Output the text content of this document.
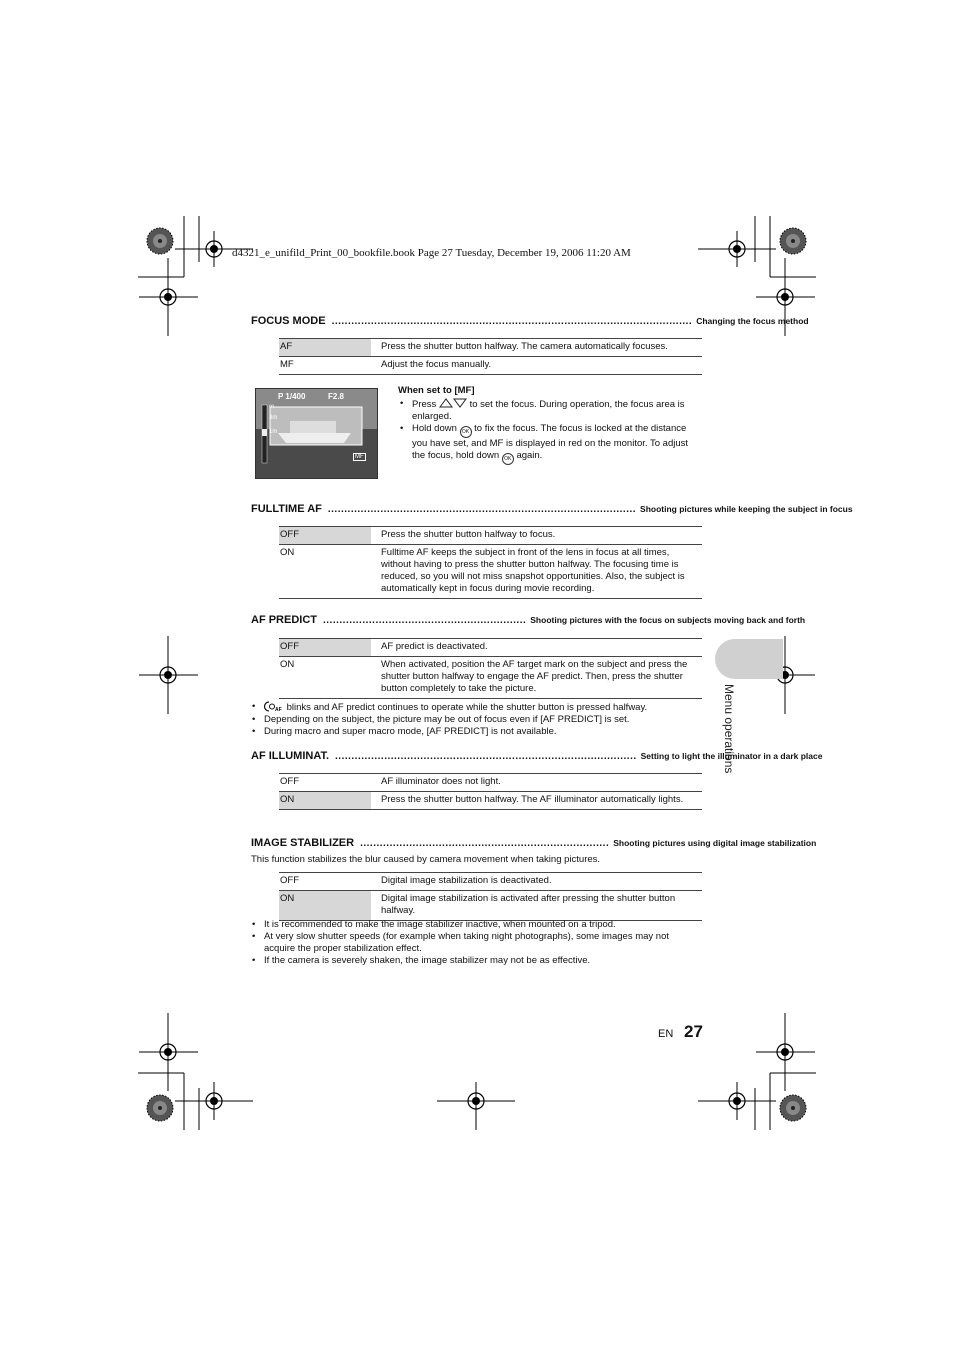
d4321_e_unifild_Print_00_bookfile.book Page 27 Tuesday, December 19, 2006 11:20 AM
FOCUS MODE .............................................................................................................. Changing the focus method
AF	Press the shutter button halfway. The camera automatically focuses.
MF	Adjust the focus manually.
P 1/400	F2.8
∞
3m
1m
MF
When set to [MF]
• Press	to set the focus. During operation, the focus area is enlarged.
• Hold down OK to fix the focus. The focus is locked at the distance you have set, and MF is displayed in red on the monitor. To adjust the focus, hold down OK again.
FULLTIME AF .............................................................................................. Shooting pictures while keeping the subject in focus
OFF	Press the shutter button halfway to focus.
ON	Fulltime AF keeps the subject in front of the lens in focus at all times, without having to press the shutter button halfway. The focusing time is reduced, so you will not miss snapshot opportunities. Also, the subject is automatically kept in focus during movie recording.
AF PREDICT .............................................................. Shooting pictures with the focus on subjects moving back and forth
OFF	AF predict is deactivated.
ON	When activated, position the AF target mark on the subject and press the shutter button halfway to engage the AF predict. Then, press the shutter button completely to take the picture.
• AF blinks and AF predict continues to operate while the shutter button is pressed halfway.
• Depending on the subject, the picture may be out of focus even if [AF PREDICT] is set.
• During macro and super macro mode, [AF PREDICT] is not available.
AF ILLUMINAT. ............................................................................................ Setting to light the illuminator in a dark place
OFF	AF illuminator does not light.
ON	Press the shutter button halfway. The AF illuminator automatically lights.
IMAGE STABILIZER ............................................................................ Shooting pictures using digital image stabilization
This function stabilizes the blur caused by camera movement when taking pictures.
OFF	Digital image stabilization is deactivated.
ON	Digital image stabilization is activated after pressing the shutter button halfway.
• It is recommended to make the image stabilizer inactive, when mounted on a tripod.
• At very slow shutter speeds (for example when taking night photographs), some images may not acquire the proper stabilization effect.
• If the camera is severely shaken, the image stabilizer may not be as effective.
Menu operations
EN 27
